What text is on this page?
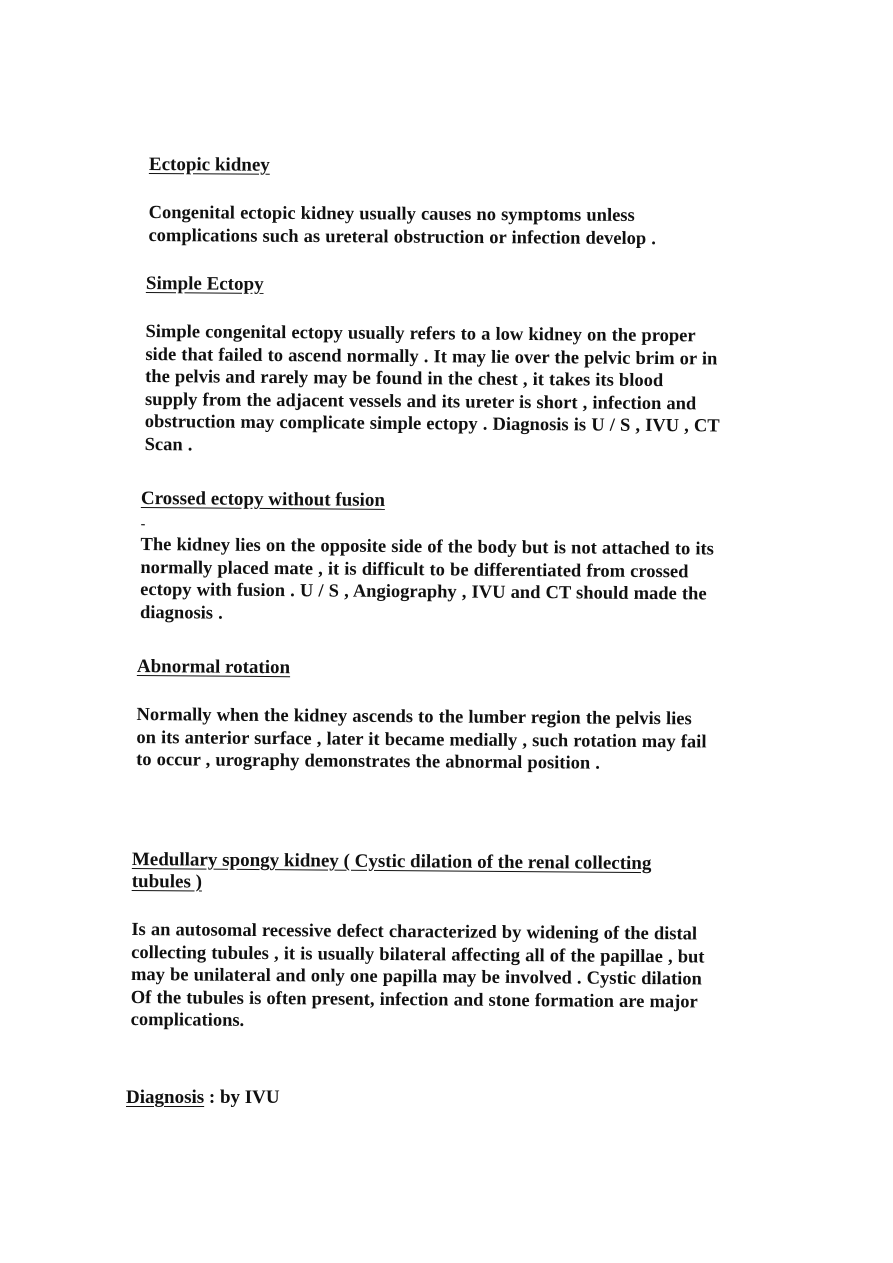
Ectopic kidney

Congenital ectopic kidney usually causes no symptoms unless
complications such as ureteral obstruction or infection develop .

Simple Ectopy

Simple congenital ectopy usually refers to a low kidney on the proper
side that failed to ascend normally . It may lie over the pelvic brim or in
the pelvis and rarely may be found in the chest , it takes its blood
supply from the adjacent vessels and its ureter is short , infection and
obstruction may complicate simple ectopy . Diagnosis is U / S , IVU , CT
Scan .

Crossed ectopy without fusion

-
The kidney lies on the opposite side of the body but is not attached to its
normally placed mate , it is difficult to be differentiated from crossed
ectopy with fusion . U / S , Angiography , IVU and CT should made the
diagnosis .

Abnormal rotation

Normally when the kidney ascends to the lumber region the pelvis lies
on its anterior surface , later it became medially , such rotation may fail
to occur , urography demonstrates the abnormal position .

Medullary spongy kidney ( Cystic dilation of the renal collecting
tubules )

Is an autosomal recessive defect characterized by widening of the distal
collecting tubules , it is usually bilateral affecting all of the papillae , but
may be unilateral and only one papilla may be involved . Cystic dilation
Of the tubules is often present, infection and stone formation are major
complications.
Diagnosis : by IVU
